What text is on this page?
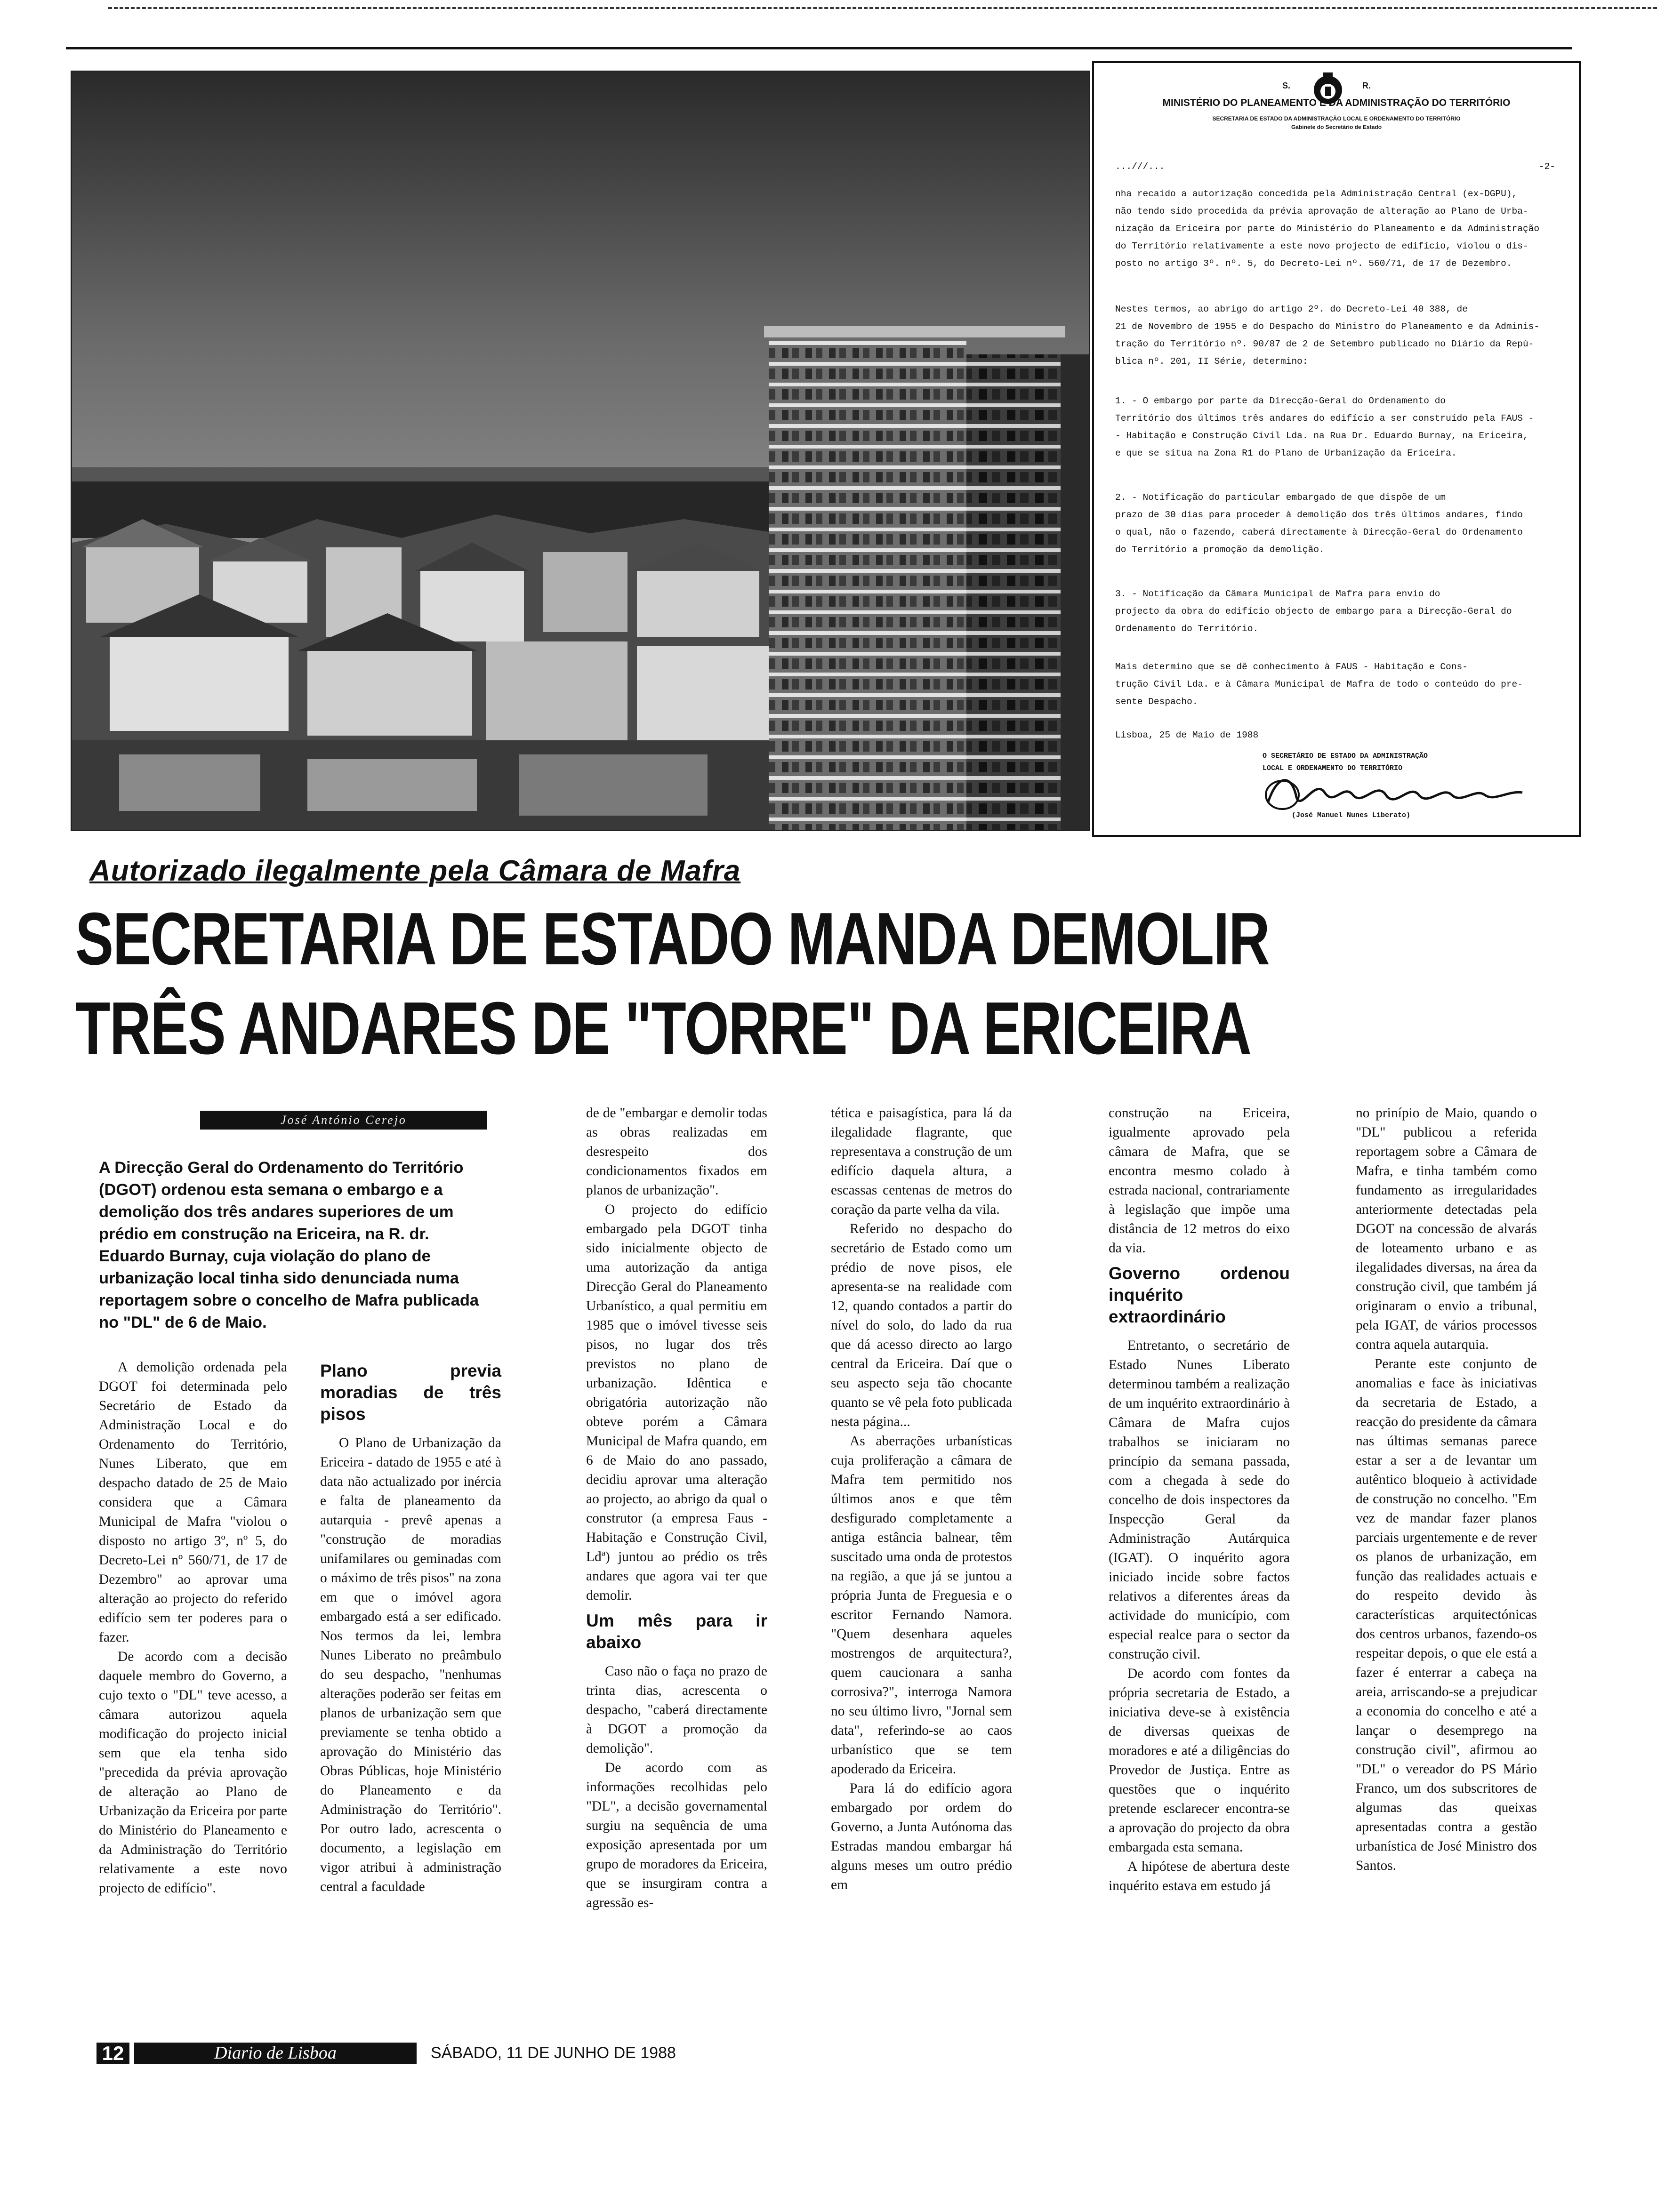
S.	R.
MINISTÉRIO DO PLANEAMENTO E DA ADMINISTRAÇÃO DO TERRITÓRIO
SECRETARIA DE ESTADO DA ADMINISTRAÇÃO LOCAL E ORDENAMENTO DO TERRITÓRIO
Gabinete do Secretário de Estado
...///...	-2-

nha recaído a autorização concedida pela Administração Central (ex-DGPU),
não tendo sido procedida da prévia aprovação de alteração ao Plano de Urba-
nização da Ericeira por parte do Ministério do Planeamento e da Administração
do Território relativamente a este novo projecto de edifício, violou o dis-
posto no artigo 3º. nº. 5, do Decreto-Lei nº. 560/71, de 17 de Dezembro.

Nestes termos, ao abrigo do artigo 2º. do Decreto-Lei 40 388, de
21 de Novembro de 1955 e do Despacho do Ministro do Planeamento e da Adminis-
tração do Território nº. 90/87 de 2 de Setembro publicado no Diário da Repú-
blica nº. 201, II Série, determino:

1. - O embargo por parte da Direcção-Geral do Ordenamento do
Território dos últimos três andares do edifício a ser construído pela FAUS -
- Habitação e Construção Civil Lda. na Rua Dr. Eduardo Burnay, na Ericeira,
e que se situa na Zona R1 do Plano de Urbanização da Ericeira.

2. - Notificação do particular embargado de que dispõe de um
prazo de 30 dias para proceder à demolição dos três últimos andares, findo
o qual, não o fazendo, caberá directamente à Direcção-Geral do Ordenamento
do Território a promoção da demolição.

3. - Notificação da Câmara Municipal de Mafra para envio do
projecto da obra do edifício objecto de embargo para a Direcção-Geral do
Ordenamento do Território.

Mais determino que se dê conhecimento à FAUS - Habitação e Cons-
trução Civil Lda. e à Câmara Municipal de Mafra de todo o conteúdo do pre-
sente Despacho.

Lisboa, 25 de Maio de 1988

O SECRETÁRIO DE ESTADO DA ADMINISTRAÇÃO
LOCAL E ORDENAMENTO DO TERRITÓRIO
(José Manuel Nunes Liberato)
Autorizado ilegalmente pela Câmara de Mafra
SECRETARIA DE ESTADO MANDA DEMOLIR
TRÊS ANDARES DE "TORRE" DA ERICEIRA
José António Cerejo

A Direcção Geral do Ordenamento do Território (DGOT) ordenou esta semana o embargo e a demolição dos três andares superiores de um prédio em construção na Ericeira, na R. dr. Eduardo Burnay, cuja violação do plano de urbanização local tinha sido denunciada numa reportagem sobre o concelho de Mafra publicada no "DL" de 6 de Maio.

A demolição ordenada pela DGOT foi determinada pelo Secretário de Estado da Administração Local e do Ordenamento do Território, Nunes Liberato, que em despacho datado de 25 de Maio considera que a Câmara Municipal de Mafra "violou o disposto no artigo 3º, nº 5, do Decreto-Lei nº 560/71, de 17 de Dezembro" ao aprovar uma alteração ao projecto do referido edifício sem ter poderes para o fazer.

De acordo com a decisão daquele membro do Governo, a cujo texto o "DL" teve acesso, a câmara autorizou aquela modificação do projecto inicial sem que ela tenha sido "precedida da prévia aprovação de alteração ao Plano de Urbanização da Ericeira por parte do Ministério do Planeamento e da Administração do Território relativamente a este novo projecto de edifício".

Plano previa moradias de três pisos

O Plano de Urbanização da Ericeira - datado de 1955 e até à data não actualizado por inércia e falta de planeamento da autarquia - prevê apenas a "construção de moradias unifamilares ou geminadas com o máximo de três pisos" na zona em que o imóvel agora embargado está a ser edificado. Nos termos da lei, lembra Nunes Liberato no preâmbulo do seu despacho, "nenhumas alterações poderão ser feitas em planos de urbanização sem que previamente se tenha obtido a aprovação do Ministério das Obras Públicas, hoje Ministério do Planeamento e da Administração do Território". Por outro lado, acrescenta o documento, a legislação em vigor atribui à administração central a faculdade

de de "embargar e demolir todas as obras realizadas em desrespeito dos condicionamentos fixados em planos de urbanização".

O projecto do edifício embargado pela DGOT tinha sido inicialmente objecto de uma autorização da antiga Direcção Geral do Planeamento Urbanístico, a qual permitiu em 1985 que o imóvel tivesse seis pisos, no lugar dos três previstos no plano de urbanização. Idêntica e obrigatória autorização não obteve porém a Câmara Municipal de Mafra quando, em 6 de Maio do ano passado, decidiu aprovar uma alteração ao projecto, ao abrigo da qual o construtor (a empresa Faus - Habitação e Construção Civil, Ldª) juntou ao prédio os três andares que agora vai ter que demolir.

Um mês para ir abaixo

Caso não o faça no prazo de trinta dias, acrescenta o despacho, "caberá directamente à DGOT a promoção da demolição".

De acordo com as informações recolhidas pelo "DL", a decisão governamental surgiu na sequência de uma exposição apresentada por um grupo de moradores da Ericeira, que se insurgiram contra a agressão es-

tética e paisagística, para lá da ilegalidade flagrante, que representava a construção de um edifício daquela altura, a escassas centenas de metros do coração da parte velha da vila.

Referido no despacho do secretário de Estado como um prédio de nove pisos, ele apresenta-se na realidade com 12, quando contados a partir do nível do solo, do lado da rua que dá acesso directo ao largo central da Ericeira. Daí que o seu aspecto seja tão chocante quanto se vê pela foto publicada nesta página...

As aberrações urbanísticas cuja proliferação a câmara de Mafra tem permitido nos últimos anos e que têm desfigurado completamente a antiga estância balnear, têm suscitado uma onda de protestos na região, a que já se juntou a própria Junta de Freguesia e o escritor Fernando Namora. "Quem desenhara aqueles mostrengos de arquitectura?, quem caucionara a sanha corrosiva?", interroga Namora no seu último livro, "Jornal sem data", referindo-se ao caos urbanístico que se tem apoderado da Ericeira.

Para lá do edifício agora embargado por ordem do Governo, a Junta Autónoma das Estradas mandou embargar há alguns meses um outro prédio em

construção na Ericeira, igualmente aprovado pela câmara de Mafra, que se encontra mesmo colado à estrada nacional, contrariamente à legislação que impõe uma distância de 12 metros do eixo da via.

Governo ordenou inquérito extraordinário

Entretanto, o secretário de Estado Nunes Liberato determinou também a realização de um inquérito extraordinário à Câmara de Mafra cujos trabalhos se iniciaram no princípio da semana passada, com a chegada à sede do concelho de dois inspectores da Inspecção Geral da Administração Autárquica (IGAT). O inquérito agora iniciado incide sobre factos relativos a diferentes áreas da actividade do município, com especial realce para o sector da construção civil.

De acordo com fontes da própria secretaria de Estado, a iniciativa deve-se à existência de diversas queixas de moradores e até a diligências do Provedor de Justiça. Entre as questões que o inquérito pretende esclarecer encontra-se a aprovação do projecto da obra embargada esta semana.

A hipótese de abertura deste inquérito estava em estudo já

no prinípio de Maio, quando o "DL" publicou a referida reportagem sobre a Câmara de Mafra, e tinha também como fundamento as irregularidades anteriormente detectadas pela DGOT na concessão de alvarás de loteamento urbano e as ilegalidades diversas, na área da construção civil, que também já originaram o envio a tribunal, pela IGAT, de vários processos contra aquela autarquia.

Perante este conjunto de anomalias e face às iniciativas da secretaria de Estado, a reacção do presidente da câmara nas últimas semanas parece estar a ser a de levantar um autêntico bloqueio à actividade de construção no concelho. "Em vez de mandar fazer planos parciais urgentemente e de rever os planos de urbanização, em função das realidades actuais e do respeito devido às características arquitectónicas dos centros urbanos, fazendo-os respeitar depois, o que ele está a fazer é enterrar a cabeça na areia, arriscando-se a prejudicar a economia do concelho e até a lançar o desemprego na construção civil", afirmou ao "DL" o vereador do PS Mário Franco, um dos subscritores de algumas das queixas apresentadas contra a gestão urbanística de José Ministro dos Santos.

12	Diario de Lisboa	SÁBADO, 11 DE JUNHO DE 1988
